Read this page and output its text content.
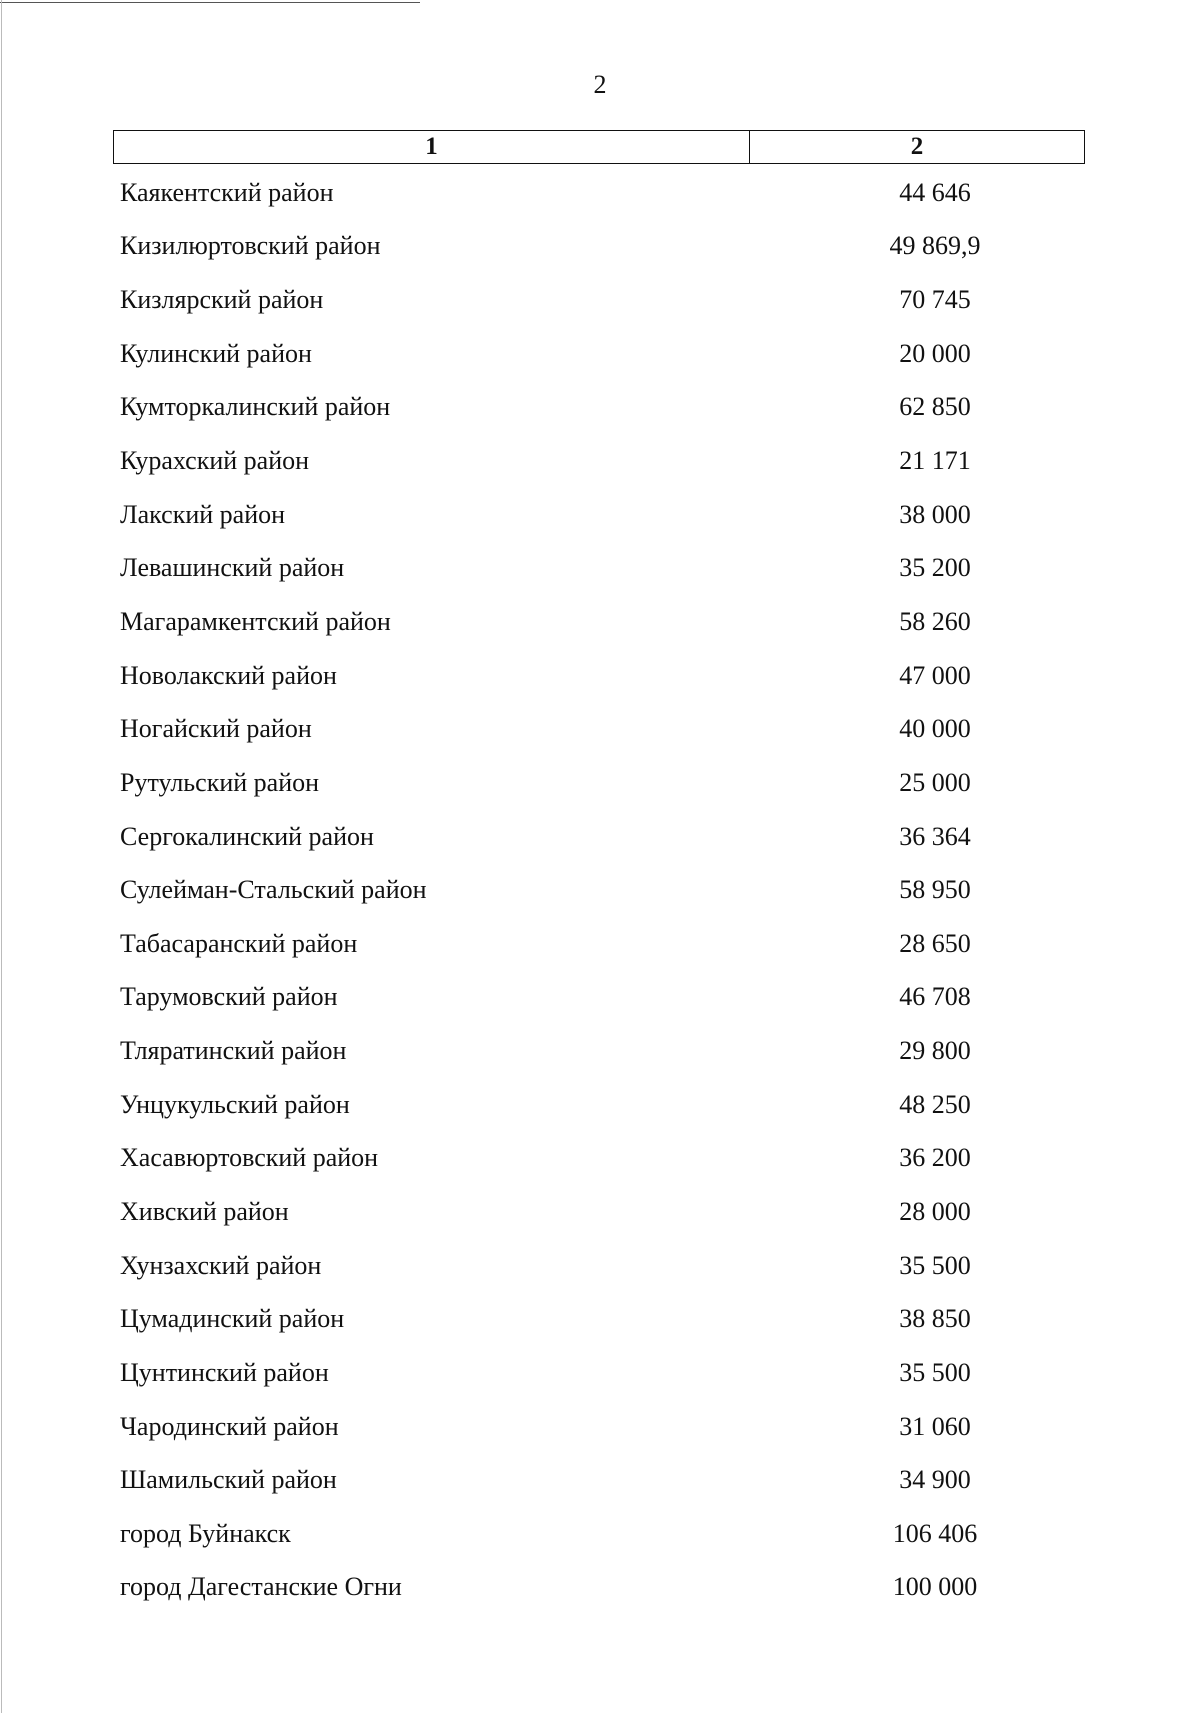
2
1	2
Каякентский район	44 646
Кизилюртовский район	49 869,9
Кизлярский район	70 745
Кулинский район	20 000
Кумторкалинский район	62 850
Курахский район	21 171
Лакский район	38 000
Левашинский район	35 200
Магарамкентский район	58 260
Новолакский район	47 000
Ногайский район	40 000
Рутульский район	25 000
Сергокалинский район	36 364
Сулейман-Стальский район	58 950
Табасаранский район	28 650
Тарумовский район	46 708
Тляратинский район	29 800
Унцукульский район	48 250
Хасавюртовский район	36 200
Хивский район	28 000
Хунзахский район	35 500
Цумадинский район	38 850
Цунтинский район	35 500
Чародинский район	31 060
Шамильский район	34 900
город Буйнакск	106 406
город Дагестанские Огни	100 000
